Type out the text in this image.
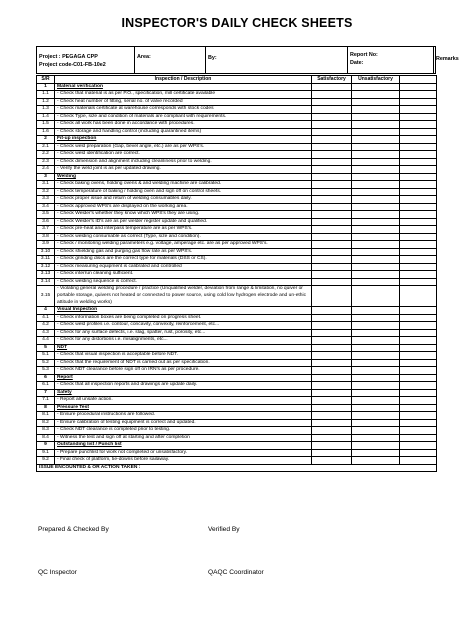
INSPECTOR'S DAILY CHECK SHEETS
Project : PEGAGA CPP
Project code-C01-FB-10e2
Area:	By:	Report No:
Date:
Remarks
S/R	Inspection / Description	Satisfactory	Unsatisfactory	
1	Material verification			
1.1	- Check that material is as per P.O., specification, mill certificate available			
1.2	- Check heat number of fitting, serial no. of valve recorded			
1.3	- Check materials certificate at warehouse corresponds with stock codes			
1.4	- Check Type, size and condition of materials are compliant with requirements.			
1.5	- Check all work has been done in accordance with procedures.			
1.6	- Check storage and handling control (including quarantined items)			
2	Fit-up inspection			
2.1	- Check weld preparation (Gap, bevel angle, etc.) are as per WPS's.			
2.2	- Check weld identification are correct.			
2.3	- Check dimension and alignment including cleanliness prior to welding.			
2.4	- Verify the weld joint is as per updated drawing.			
3	Welding			
3.1	- Check baking ovens, holding ovens & and welding machine are calibrated.			
3.2	- Check temperature of baking / holding oven and sign off on control sheets.			
3.3	- Check proper issue and return of welding consumables daily.			
3.4	- Check approved WPS's are displayed on the working area.			
3.5	- Check Welder's whether they know which WPS's they are using.			
3.6	- Check Welder's ID's are as per welder register update and qualified.			
3.7	- Check pre-heat and interpass temperature are as per WPS's.			
3.8	- Check welding consumable as correct (Type, size and condition).			
3.9	- Check / monitoring welding parameters e.g. voltage, amperage etc. are as per approved WPS's.			
3.10	- Check shielding gas and purging gas flow rate as per WPS's.			
3.11	- Check grinding discs are the correct type for materials (DSS or CS).			
3.12	- Check measuring equipment is calibrated and controlled			
3.13	- Check interrun cleaning sufficient.			
3.14	- Check welding sequence is correct.			
3.15	- Violating general welding procedure / practice (Unqualified welder, deviation from range & limitation, no quiver or portable storage, quivers not heated or connected to power source, using cold low hydrogen electrode and un-ethic attitude in welding works)			
4	Visual Inspection			
4.1	- Check information boxes are being completed on progress sheet.			
4.2	- Check weld profiles i.e. contour, concavity, convexity, reinforcement, etc...			
4.3	- Check for any surface defects, i.e. slag, spatter, rust, porosity, etc...			
4.4	- Check for any distortions i.e. misalignments, etc...			
5	NDT			
5.1	- Check that visual inspection is acceptable before NDT.			
5.2	- Check that the requirement of NDT is carried out as per specification.			
5.3	- Check NDT clearance before sign off on IRN's as per procedure.			
6	Report			
6.1	- Check that all inspection reports and drawings are update daily.			
7	Safety			
7.1	- Report all unsafe action.			
8	Pressure Test			
8.1	- Ensure procedural instructions are followed.			
8.2	- Ensure calibration of testing equipment is correct and updated.			
8.3	- Check NDT clearance is completed prior to testing.			
8.4	- Witness the test and sign off at starting and after completion			
9	Outstanding list / Punch list			
9.1	- Prepare punchlist for work not completed or unsatisfactory.			
9.2	- Final check of platform, tie-downs before sailaway.			
ISSUE ENCOUNTED & OR ACTION TAKEN :				
Prepared & Checked By	Verified By
QC Inspector	QAQC Coordinator
